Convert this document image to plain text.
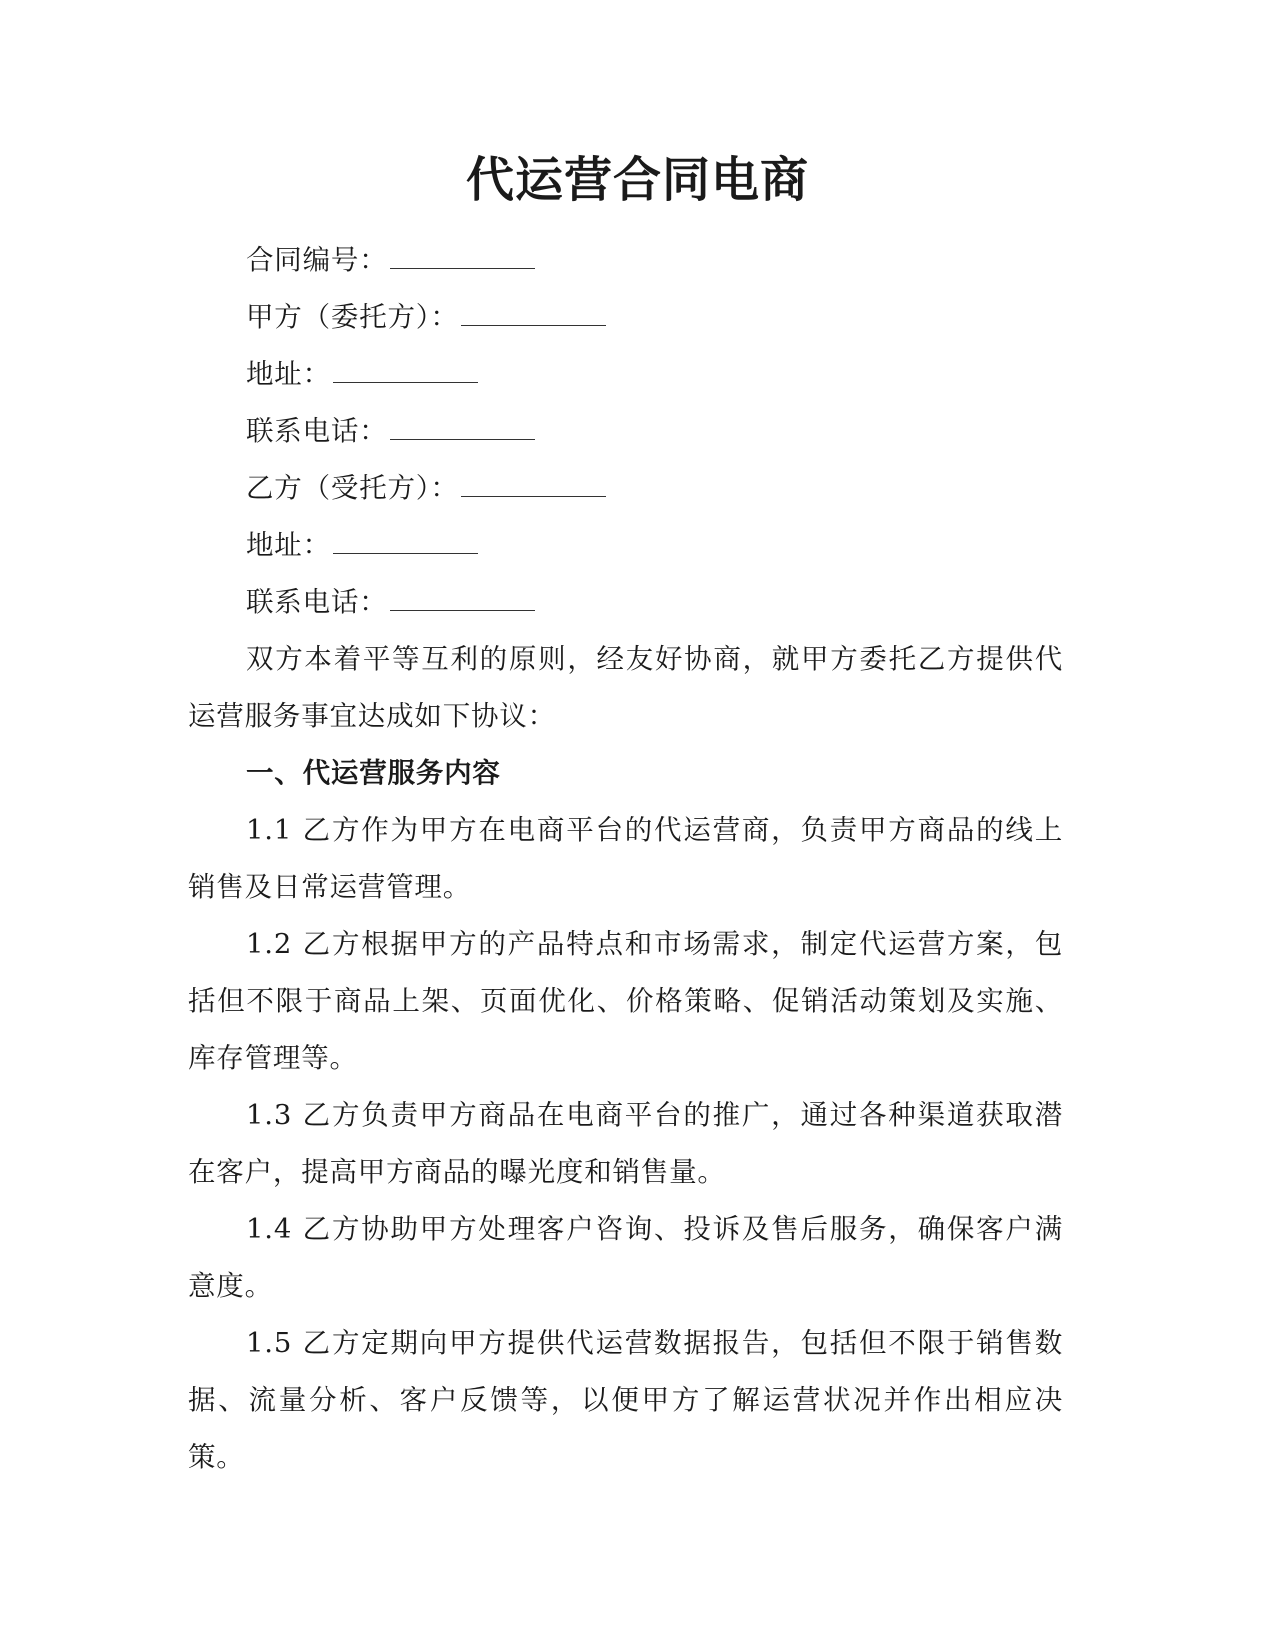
代运营合同电商

合同编号：

甲方（委托方）：

地址：

联系电话：

乙方（受托方）：

地址：

联系电话：

双方本着平等互利的原则，经友好协商，就甲方委托乙方提供代运营服务事宜达成如下协议：

一、代运营服务内容

1.1 乙方作为甲方在电商平台的代运营商，负责甲方商品的线上销售及日常运营管理。

1.2 乙方根据甲方的产品特点和市场需求，制定代运营方案，包括但不限于商品上架、页面优化、价格策略、促销活动策划及实施、库存管理等。

1.3 乙方负责甲方商品在电商平台的推广，通过各种渠道获取潜在客户，提高甲方商品的曝光度和销售量。

1.4 乙方协助甲方处理客户咨询、投诉及售后服务，确保客户满意度。

1.5 乙方定期向甲方提供代运营数据报告，包括但不限于销售数据、流量分析、客户反馈等，以便甲方了解运营状况并作出相应决策。
